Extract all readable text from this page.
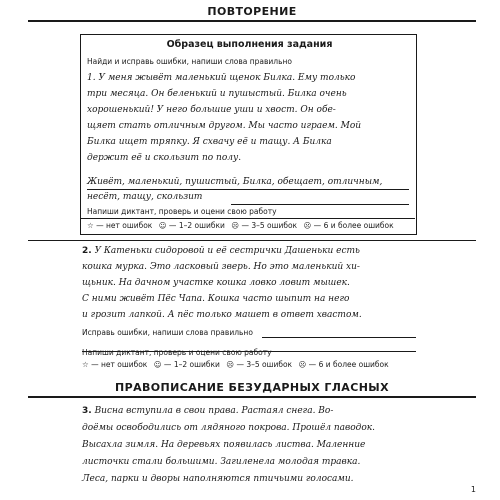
ПОВТОРЕНИЕ
Образец выполнения задания
Найди и исправь ошибки, напиши слова правильно
1. У меня жывёт маленький щенок Билка. Ему только
три месяца. Он беленький и пушыстый. Билка очень
хорошенький! У него большие уши и хвост. Он обе-
щяет стать отличным другом. Мы часто играем. Мой
Билка ищет тряпку. Я схвачу её и тащу. А Билка
держит её и скользит по полу.
Живёт, маленький, пушистый, Билка, обещает, отличным,
несёт, тащу, скользит
Напиши диктант, проверь и оцени свою работу
☆ — нет ошибок ☺ — 1–2 ошибки ☹ — 3–5 ошибок ☹ — 6 и более ошибок
2. У Катеньки сидоровой и её сестрички Дашеньки есть
кошка мурка. Это ласковый зверь. Но это маленький хи-
щьник. На дачном участке кошка ловко ловит мышек.
С ними живёт Пёс Чапа. Кошка часто шыпит на него
и грозит лапкой. А пёс только машет в ответ хвастом.
Исправь ошибки, напиши слова правильно
Напиши диктант, проверь и оцени свою работу
☆ — нет ошибок ☺ — 1–2 ошибки ☹ — 3–5 ошибок ☹ — 6 и более ошибок
ПРАВОПИСАНИЕ БЕЗУДАРНЫХ ГЛАСНЫХ
3. Висна вступила в свои права. Растаял снега. Во-
доёмы освободились от лядяного покрова. Прошёл паводок.
Высахла зимля. На деревьях появилась листва. Маленние
листочки стали большими. Загиленела молодая травка.
Леса, парки и дворы наполняются птичьими голосами.
1
